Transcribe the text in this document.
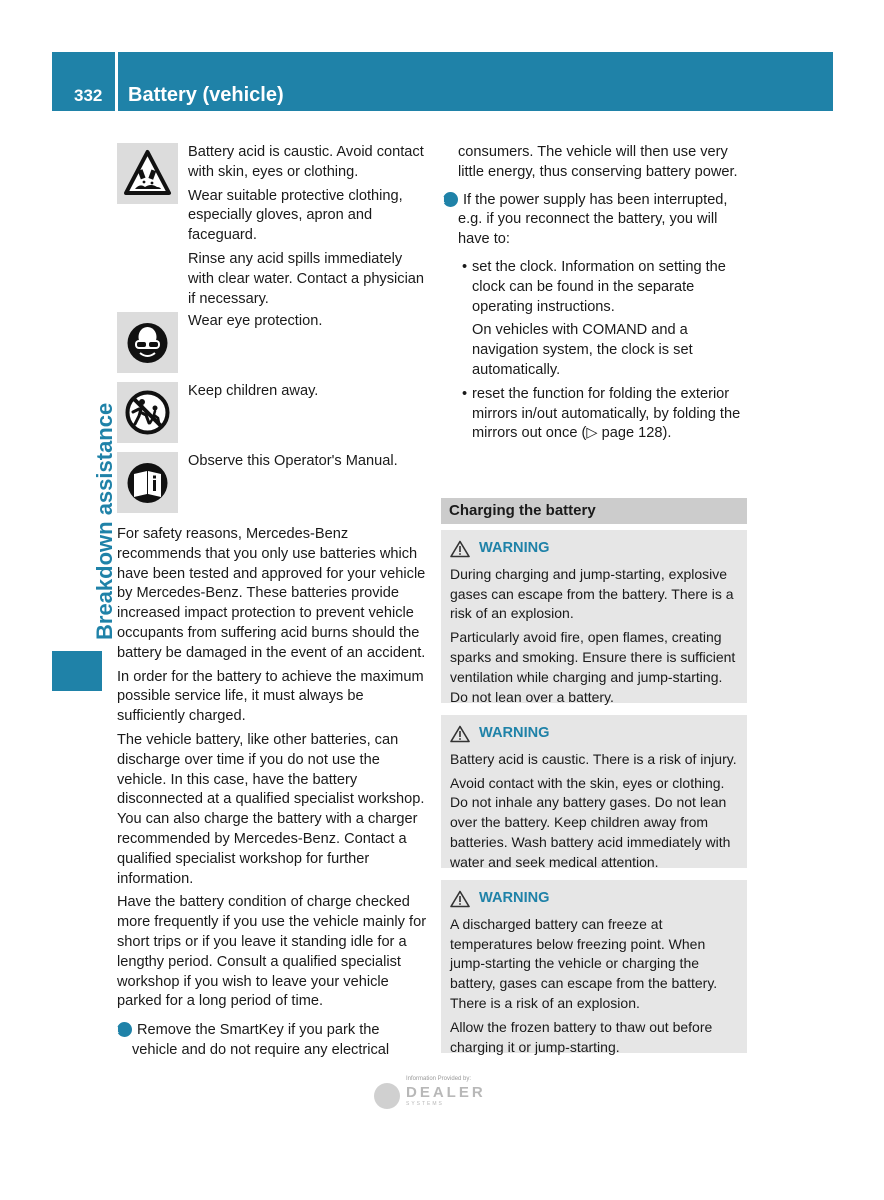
332 Battery (vehicle)
Breakdown assistance

Battery acid is caustic. Avoid contact with skin, eyes or clothing.

Wear suitable protective clothing, especially gloves, apron and faceguard.

Rinse any acid spills immediately with clear water. Contact a physician if necessary.

Wear eye protection.

Keep children away.

Observe this Operator's Manual.

For safety reasons, Mercedes-Benz recommends that you only use batteries which have been tested and approved for your vehicle by Mercedes-Benz. These batteries provide increased impact protection to prevent vehicle occupants from suffering acid burns should the battery be damaged in the event of an accident.

In order for the battery to achieve the maximum possible service life, it must always be sufficiently charged.

The vehicle battery, like other batteries, can discharge over time if you do not use the vehicle. In this case, have the battery disconnected at a qualified specialist workshop. You can also charge the battery with a charger recommended by Mercedes-Benz. Contact a qualified specialist workshop for further information.

Have the battery condition of charge checked more frequently if you use the vehicle mainly for short trips or if you leave it standing idle for a lengthy period. Consult a qualified specialist workshop if you wish to leave your vehicle parked for a long period of time.

i Remove the SmartKey if you park the vehicle and do not require any electrical

consumers. The vehicle will then use very little energy, thus conserving battery power.

i If the power supply has been interrupted, e.g. if you reconnect the battery, you will have to:

• set the clock. Information on setting the clock can be found in the separate operating instructions.

On vehicles with COMAND and a navigation system, the clock is set automatically.

• reset the function for folding the exterior mirrors in/out automatically, by folding the mirrors out once (▷ page 128).

Charging the battery
WARNING

During charging and jump-starting, explosive gases can escape from the battery. There is a risk of an explosion.

Particularly avoid fire, open flames, creating sparks and smoking. Ensure there is sufficient ventilation while charging and jump-starting. Do not lean over a battery.

WARNING

Battery acid is caustic. There is a risk of injury.

Avoid contact with the skin, eyes or clothing. Do not inhale any battery gases. Do not lean over the battery. Keep children away from batteries. Wash battery acid immediately with water and seek medical attention.

WARNING

A discharged battery can freeze at temperatures below freezing point. When jump-starting the vehicle or charging the battery, gases can escape from the battery. There is a risk of an explosion.

Allow the frozen battery to thaw out before charging it or jump-starting.

Information Provided by:
DEALER
SYSTEMS
